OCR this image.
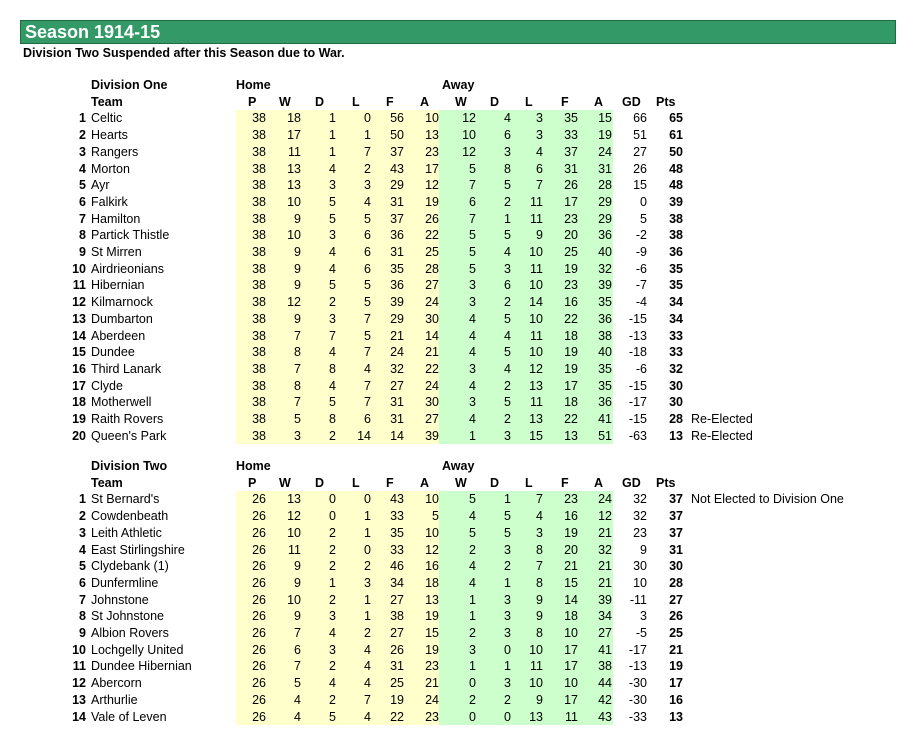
Season 1914-15
Division Two Suspended after this Season due to War.
Division One	Home	Away
Team	P W D L F A W D L F A GD Pts
1 Celtic	38	18	1	0	56	10	12	4	3	35	15	66	65
2 Hearts	38	17	1	1	50	13	10	6	3	33	19	51	61
3 Rangers	38	11	1	7	37	23	12	3	4	37	24	27	50
4 Morton	38	13	4	2	43	17	5	8	6	31	31	26	48
5 Ayr	38	13	3	3	29	12	7	5	7	26	28	15	48
6 Falkirk	38	10	5	4	31	19	6	2	11	17	29	0	39
7 Hamilton	38	9	5	5	37	26	7	1	11	23	29	5	38
8 Partick Thistle	38	10	3	6	36	22	5	5	9	20	36	-2	38
9 St Mirren	38	9	4	6	31	25	5	4	10	25	40	-9	36
10 Airdrieonians	38	9	4	6	35	28	5	3	11	19	32	-6	35
11 Hibernian	38	9	5	5	36	27	3	6	10	23	39	-7	35
12 Kilmarnock	38	12	2	5	39	24	3	2	14	16	35	-4	34
13 Dumbarton	38	9	3	7	29	30	4	5	10	22	36	-15	34
14 Aberdeen	38	7	7	5	21	14	4	4	11	18	38	-13	33
15 Dundee	38	8	4	7	24	21	4	5	10	19	40	-18	33
16 Third Lanark	38	7	8	4	32	22	3	4	12	19	35	-6	32
17 Clyde	38	8	4	7	27	24	4	2	13	17	35	-15	30
18 Motherwell	38	7	5	7	31	30	3	5	11	18	36	-17	30
19 Raith Rovers	38	5	8	6	31	27	4	2	13	22	41	-15	28 Re-Elected
20 Queen's Park	38	3	2	14	14	39	1	3	15	13	51	-63	13 Re-Elected
Division Two	Home	Away
Team	P W D L F A W D L F A GD Pts
1 St Bernard's	26	13	0	0	43	10	5	1	7	23	24	32	37 Not Elected to Division One
2 Cowdenbeath	26	12	0	1	33	5	4	5	4	16	12	32	37
3 Leith Athletic	26	10	2	1	35	10	5	5	3	19	21	23	37
4 East Stirlingshire	26	11	2	0	33	12	2	3	8	20	32	9	31
5 Clydebank (1)	26	9	2	2	46	16	4	2	7	21	21	30	30
6 Dunfermline	26	9	1	3	34	18	4	1	8	15	21	10	28
7 Johnstone	26	10	2	1	27	13	1	3	9	14	39	-11	27
8 St Johnstone	26	9	3	1	38	19	1	3	9	18	34	3	26
9 Albion Rovers	26	7	4	2	27	15	2	3	8	10	27	-5	25
10 Lochgelly United	26	6	3	4	26	19	3	0	10	17	41	-17	21
11 Dundee Hibernian	26	7	2	4	31	23	1	1	11	17	38	-13	19
12 Abercorn	26	5	4	4	25	21	0	3	10	10	44	-30	17
13 Arthurlie	26	4	2	7	19	24	2	2	9	17	42	-30	16
14 Vale of Leven	26	4	5	4	22	23	0	0	13	11	43	-33	13
